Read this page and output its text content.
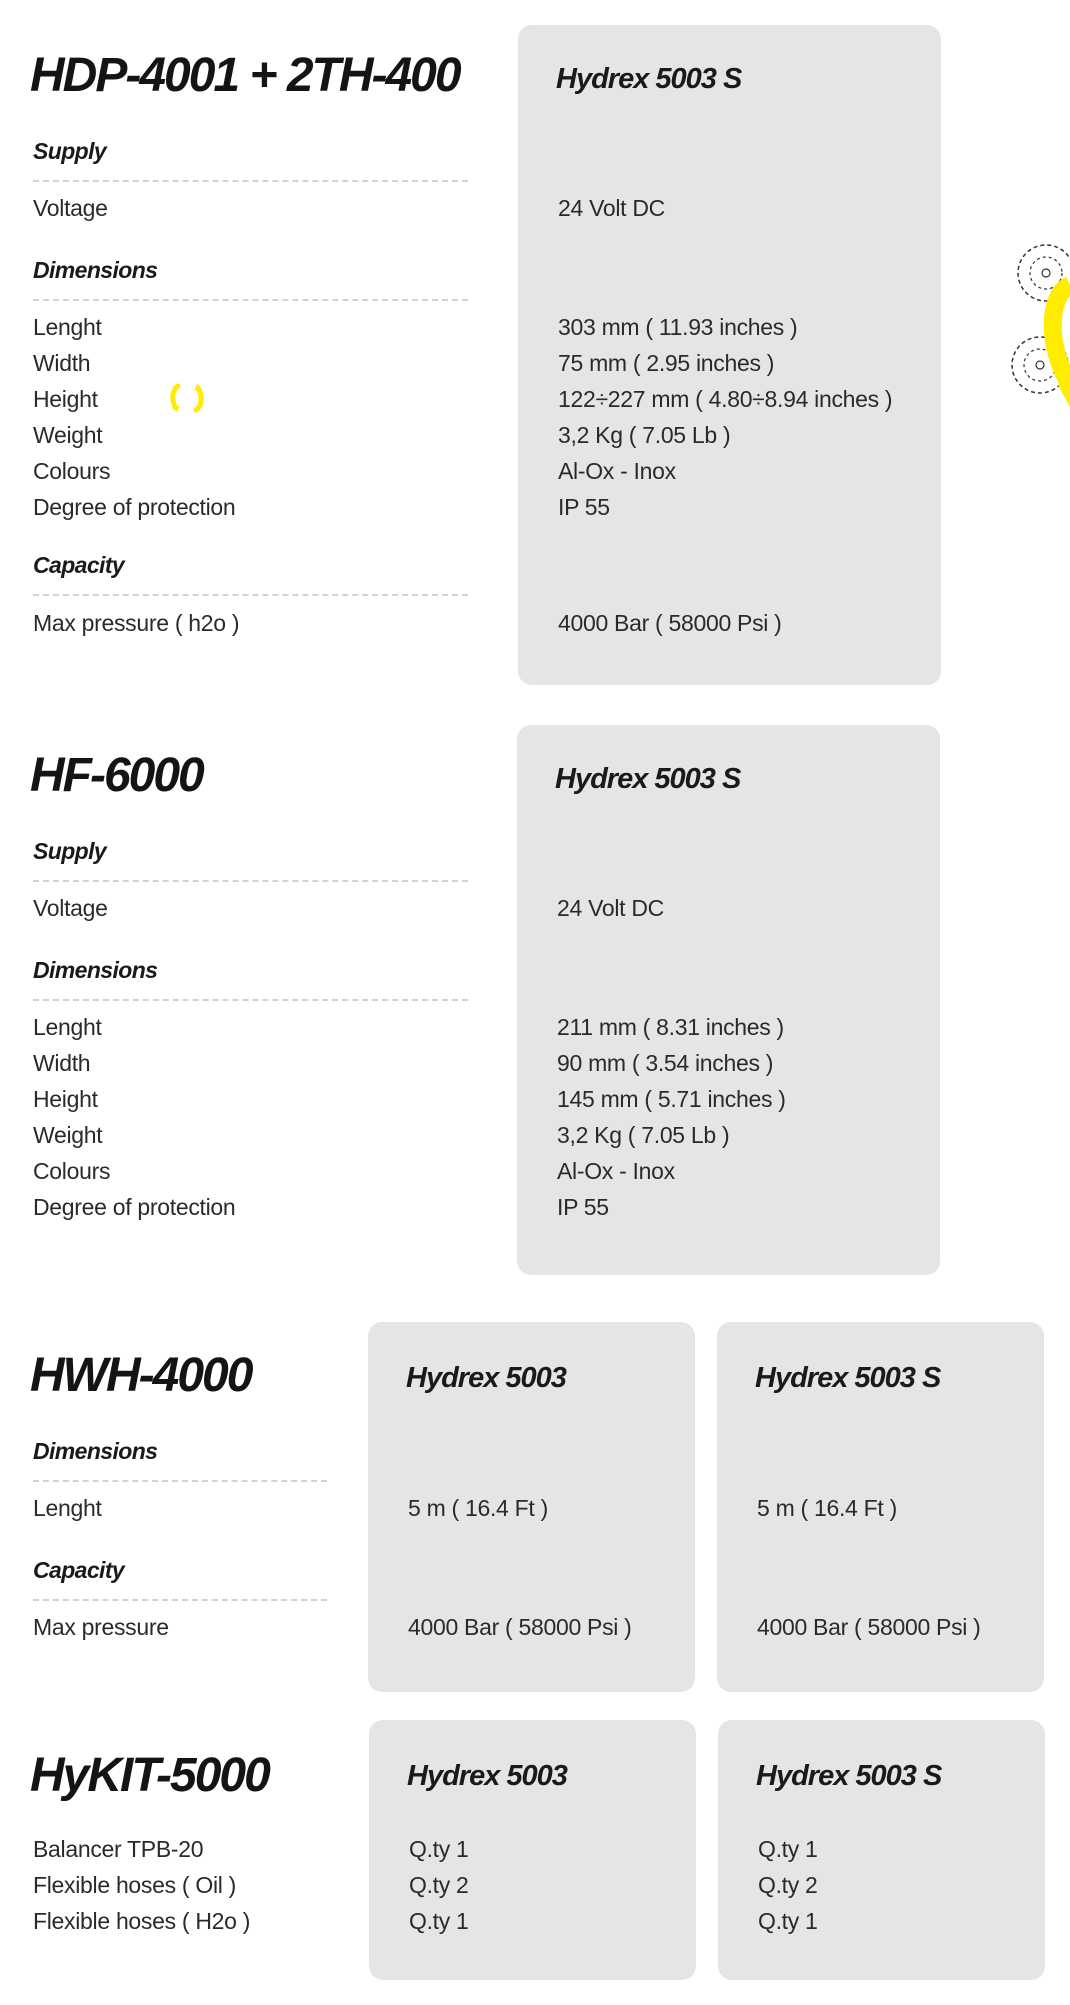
HDP-4001 + 2TH-400
Supply
Voltage
Dimensions
Lenght
Width
Height
Weight
Colours
Degree of protection
Capacity
Max pressure ( h2o )
Hydrex 5003 S
24 Volt DC
303 mm ( 11.93 inches )
75 mm ( 2.95 inches )
122÷227 mm ( 4.80÷8.94 inches )
3,2 Kg ( 7.05 Lb )
Al-Ox - Inox
IP 55
4000 Bar ( 58000 Psi )
HF-6000
Supply
Voltage
Dimensions
Lenght
Width
Height
Weight
Colours
Degree of protection
Hydrex 5003 S
24 Volt DC
211 mm ( 8.31 inches )
90 mm ( 3.54 inches )
145 mm ( 5.71 inches )
3,2 Kg ( 7.05 Lb )
Al-Ox - Inox
IP 55
HWH-4000
Dimensions
Lenght
Capacity
Max pressure
Hydrex 5003
5 m ( 16.4 Ft )
4000 Bar ( 58000 Psi )
Hydrex 5003 S
5 m ( 16.4 Ft )
4000 Bar ( 58000 Psi )
HyKIT-5000
Balancer TPB-20
Flexible hoses ( Oil )
Flexible hoses ( H2o )
Hydrex 5003
Q.ty 1
Q.ty 2
Q.ty 1
Hydrex 5003 S
Q.ty 1
Q.ty 2
Q.ty 1
